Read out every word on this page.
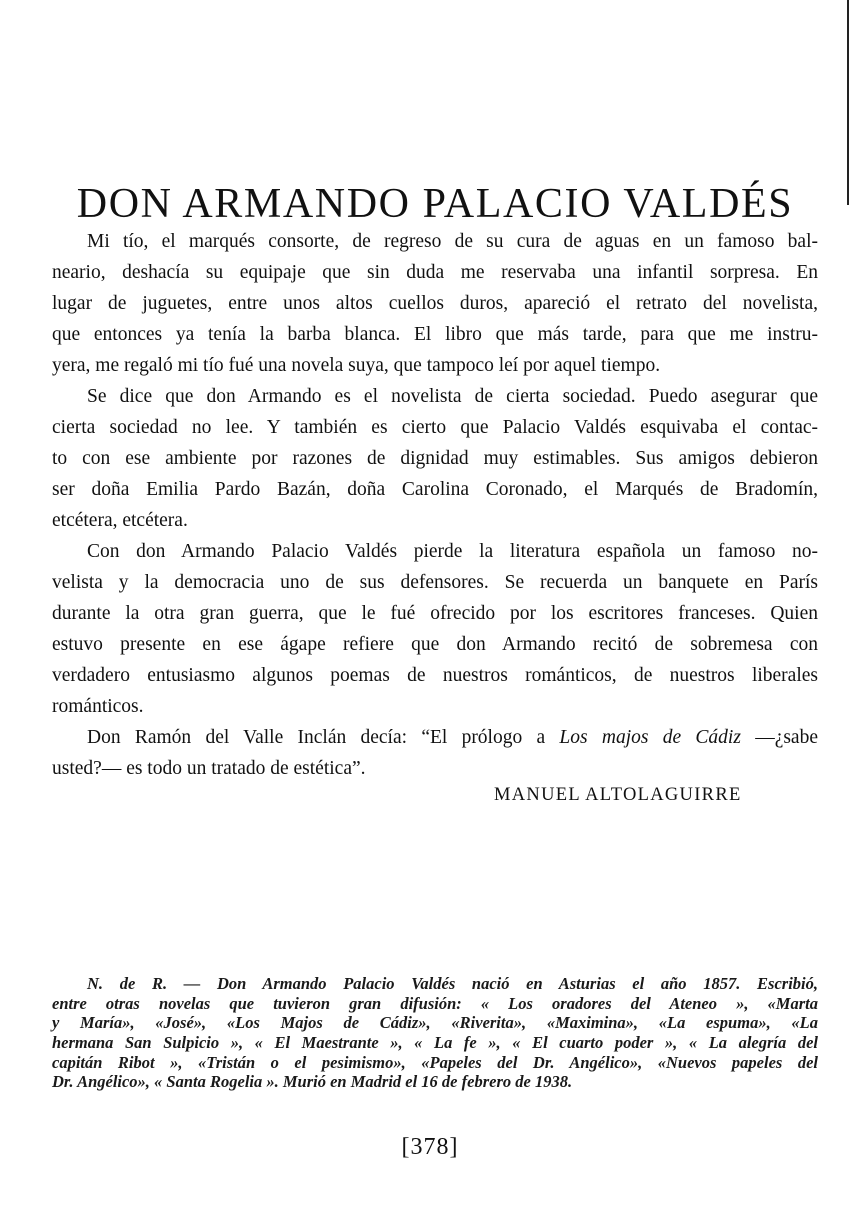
DON ARMANDO PALACIO VALDÉS
Mi tío, el marqués consorte, de regreso de su cura de aguas en un famoso bal-
neario, deshacía su equipaje que sin duda me reservaba una infantil sorpresa. En
lugar de juguetes, entre unos altos cuellos duros, apareció el retrato del novelista,
que entonces ya tenía la barba blanca. El libro que más tarde, para que me instru-
yera, me regaló mi tío fué una novela suya, que tampoco leí por aquel tiempo.
Se dice que don Armando es el novelista de cierta sociedad. Puedo asegurar que
cierta sociedad no lee. Y también es cierto que Palacio Valdés esquivaba el contac-
to con ese ambiente por razones de dignidad muy estimables. Sus amigos debieron
ser doña Emilia Pardo Bazán, doña Carolina Coronado, el Marqués de Bradomín,
etcétera, etcétera.
Con don Armando Palacio Valdés pierde la literatura española un famoso no-
velista y la democracia uno de sus defensores. Se recuerda un banquete en París
durante la otra gran guerra, que le fué ofrecido por los escritores franceses. Quien
estuvo presente en ese ágape refiere que don Armando recitó de sobremesa con
verdadero entusiasmo algunos poemas de nuestros románticos, de nuestros liberales
románticos.
Don Ramón del Valle Inclán decía: “El prólogo a Los majos de Cádiz —¿sabe
usted?— es todo un tratado de estética”.
MANUEL ALTOLAGUIRRE
N. de R. — Don Armando Palacio Valdés nació en Asturias el año 1857. Escribió,
entre otras novelas que tuvieron gran difusión: « Los oradores del Ateneo », «Marta
y María», «José», «Los Majos de Cádiz», «Riverita», «Maximina», «La espuma», «La
hermana San Sulpicio », « El Maestrante », « La fe », « El cuarto poder », « La alegría del
capitán Ribot », «Tristán o el pesimismo», «Papeles del Dr. Angélico», «Nuevos papeles del
Dr. Angélico», « Santa Rogelia ». Murió en Madrid el 16 de febrero de 1938.
[378]
